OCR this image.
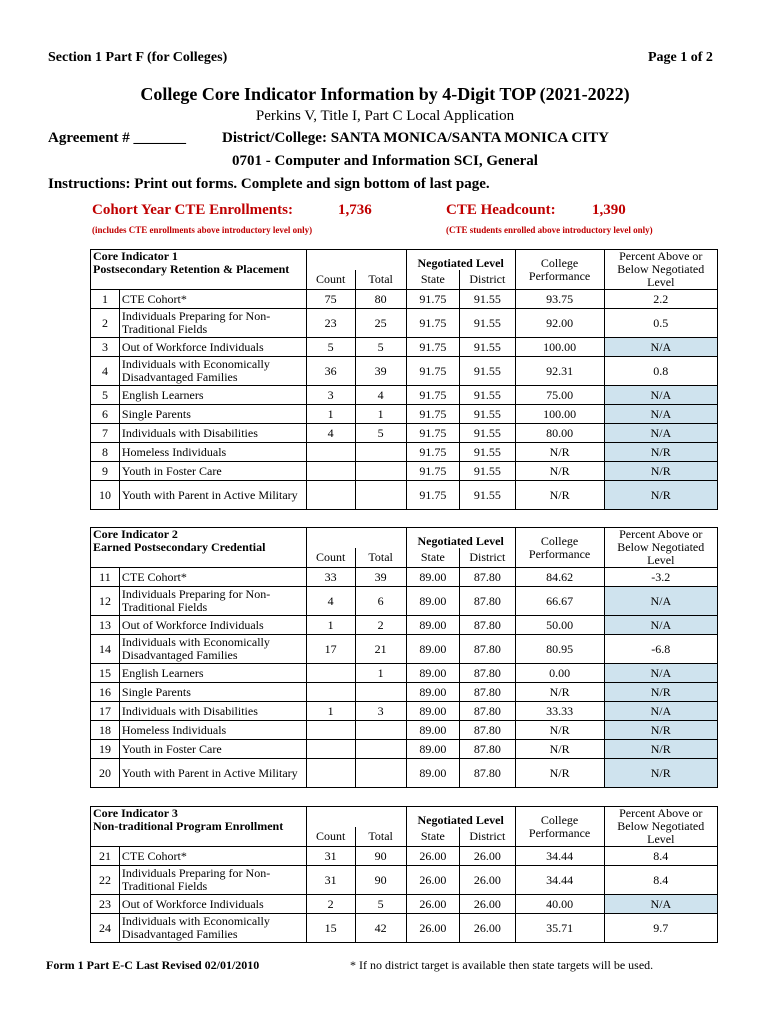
Section 1 Part F (for Colleges)	Page 1 of 2
College Core Indicator Information by 4-Digit TOP (2021-2022)
Perkins V, Title I, Part C Local Application
Agreement # _______ District/College: SANTA MONICA/SANTA MONICA CITY
0701 - Computer and Information SCI, General
Instructions: Print out forms. Complete and sign bottom of last page.
Cohort Year CTE Enrollments:	1,736
(includes CTE enrollments above introductory level only)
CTE Headcount: 1,390
(CTE students enrolled above introductory level only)
Core Indicator 1
Postsecondary Retention & Placement				Negotiated Level		College Performance	Percent Above or Below Negotiated Level
		Count	Total	State	District		
1	CTE Cohort*	75	80	91.75	91.55	93.75	2.2
2	Individuals Preparing for Non-Traditional Fields	23	25	91.75	91.55	92.00	0.5
3	Out of Workforce Individuals	5	5	91.75	91.55	100.00	N/A
4	Individuals with Economically Disadvantaged Families	36	39	91.75	91.55	92.31	0.8
5	English Learners	3	4	91.75	91.55	75.00	N/A
6	Single Parents	1	1	91.75	91.55	100.00	N/A
7	Individuals with Disabilities	4	5	91.75	91.55	80.00	N/A
8	Homeless Individuals			91.75	91.55	N/R	N/R
9	Youth in Foster Care			91.75	91.55	N/R	N/R
10	Youth with Parent in Active Military			91.75	91.55	N/R	N/R
Core Indicator 2
Earned Postsecondary Credential				Negotiated Level		College Performance	Percent Above or Below Negotiated Level
		Count	Total	State	District		
11	CTE Cohort*	33	39	89.00	87.80	84.62	-3.2
12	Individuals Preparing for Non-Traditional Fields	4	6	89.00	87.80	66.67	N/A
13	Out of Workforce Individuals	1	2	89.00	87.80	50.00	N/A
14	Individuals with Economically Disadvantaged Families	17	21	89.00	87.80	80.95	-6.8
15	English Learners		1	89.00	87.80	0.00	N/A
16	Single Parents			89.00	87.80	N/R	N/R
17	Individuals with Disabilities	1	3	89.00	87.80	33.33	N/A
18	Homeless Individuals			89.00	87.80	N/R	N/R
19	Youth in Foster Care			89.00	87.80	N/R	N/R
20	Youth with Parent in Active Military			89.00	87.80	N/R	N/R
Core Indicator 3
Non-traditional Program Enrollment				Negotiated Level		College Performance	Percent Above or Below Negotiated Level
		Count	Total	State	District		
21	CTE Cohort*	31	90	26.00	26.00	34.44	8.4
22	Individuals Preparing for Non-Traditional Fields	31	90	26.00	26.00	34.44	8.4
23	Out of Workforce Individuals	2	5	26.00	26.00	40.00	N/A
24	Individuals with Economically Disadvantaged Families	15	42	26.00	26.00	35.71	9.7
Form 1 Part E-C Last Revised 02/01/2010	* If no district target is available then state targets will be used.
